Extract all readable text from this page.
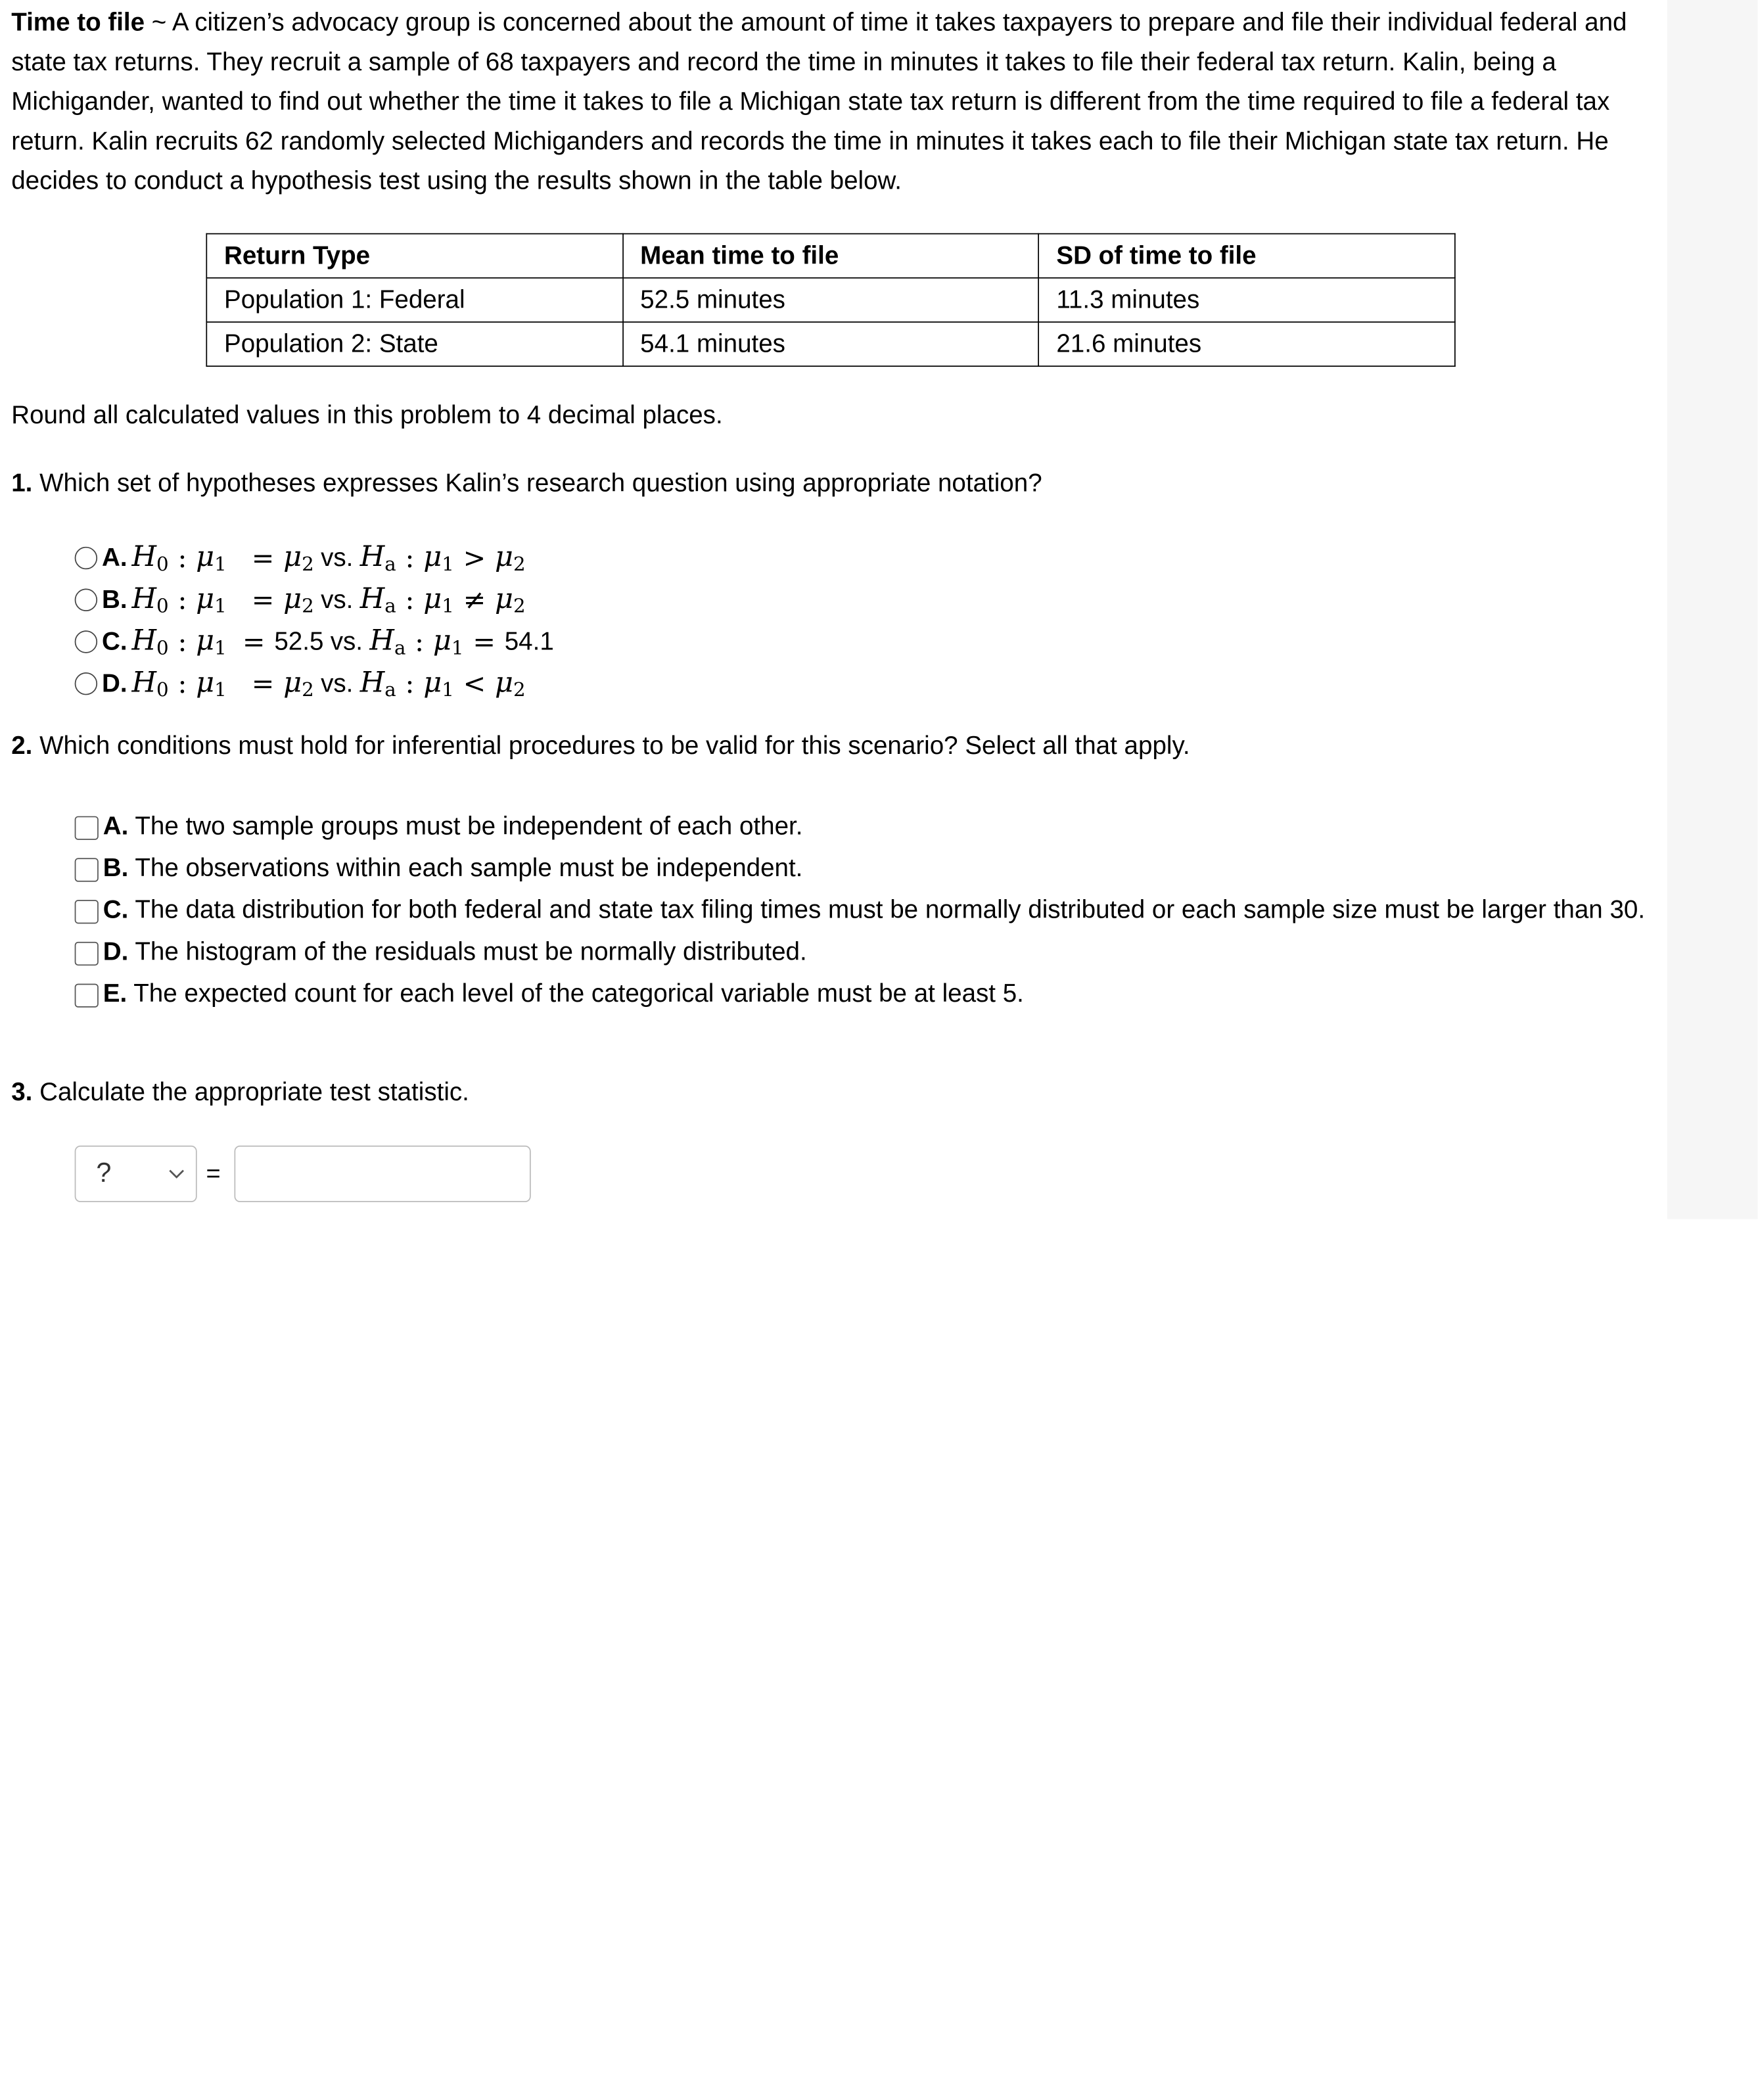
Time to file ~ A citizen’s advocacy group is concerned about the amount of time it takes taxpayers to prepare and file their individual federal and state tax returns. They recruit a sample of 68 taxpayers and record the time in minutes it takes to file their federal tax return. Kalin, being a Michigander, wanted to find out whether the time it takes to file a Michigan state tax return is different from the time required to file a federal tax return. Kalin recruits 62 randomly selected Michiganders and records the time in minutes it takes each to file their Michigan state tax return. He decides to conduct a hypothesis test using the results shown in the table below.

Return Type	Mean time to file	SD of time to file
Population 1: Federal	52.5 minutes	11.3 minutes
Population 2: State	54.1 minutes	21.6 minutes

Round all calculated values in this problem to 4 decimal places.

1. Which set of hypotheses expresses Kalin’s research question using appropriate notation?

A. $H_0$ : $\mu_1 = \mu_2$ vs. $H_a$ : $\mu_1 > \mu_2$
B. $H_0$ : $\mu_1 = \mu_2$ vs. $H_a$ : $\mu_1 \ne \mu_2$
C. $H_0$ : $\mu_1 = 52.5$ vs. $H_a$ : $\mu_1 = 54.1$
D. $H_0$ : $\mu_1 = \mu_2$ vs. $H_a$ : $\mu_1 < \mu_2$

2. Which conditions must hold for inferential procedures to be valid for this scenario? Select all that apply.

A. The two sample groups must be independent of each other.
B. The observations within each sample must be independent.
C. The data distribution for both federal and state tax filing times must be normally distributed or each sample size must be larger than 30.
D. The histogram of the residuals must be normally distributed.
E. The expected count for each level of the categorical variable must be at least 5.

3. Calculate the appropriate test statistic.

?	=
